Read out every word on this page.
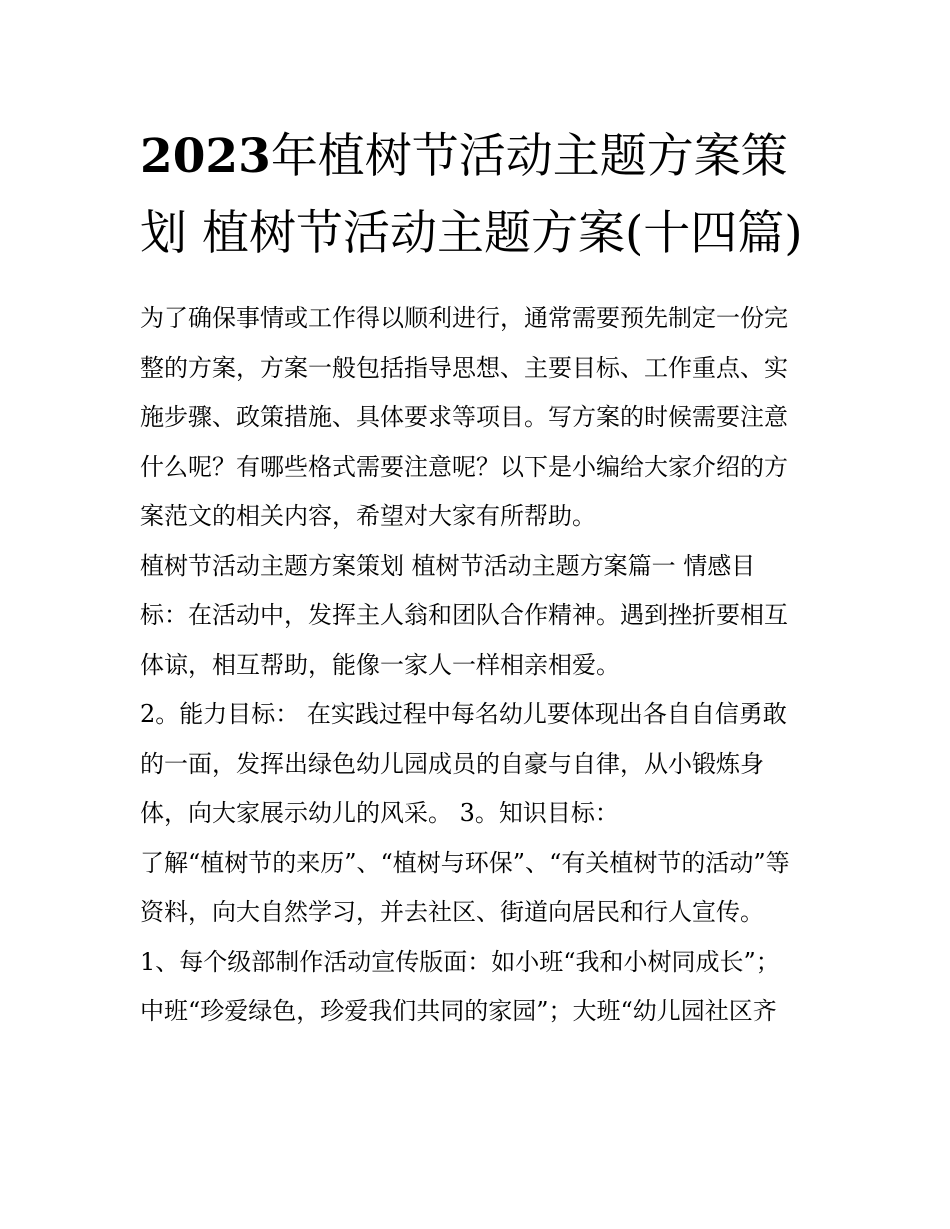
2023年植树节活动主题方案策划 植树节活动主题方案(十四篇)

为了确保事情或工作得以顺利进行，通常需要预先制定一份完
整的方案，方案一般包括指导思想、主要目标、工作重点、实
施步骤、政策措施、具体要求等项目。写方案的时候需要注意
什么呢？有哪些格式需要注意呢？以下是小编给大家介绍的方
案范文的相关内容，希望对大家有所帮助。

植树节活动主题方案策划 植树节活动主题方案篇一 情感目
标：在活动中，发挥主人翁和团队合作精神。遇到挫折要相互
体谅，相互帮助，能像一家人一样相亲相爱。

2。能力目标： 在实践过程中每名幼儿要体现出各自自信勇敢
的一面，发挥出绿色幼儿园成员的自豪与自律，从小锻炼身
体，向大家展示幼儿的风采。 3。知识目标：

了解“植树节的来历”、“植树与环保”、“有关植树节的活动”等
资料，向大自然学习，并去社区、街道向居民和行人宣传。

1、每个级部制作活动宣传版面：如小班“我和小树同成长”；
中班“珍爱绿色，珍爱我们共同的家园”；大班“幼儿园社区齐
